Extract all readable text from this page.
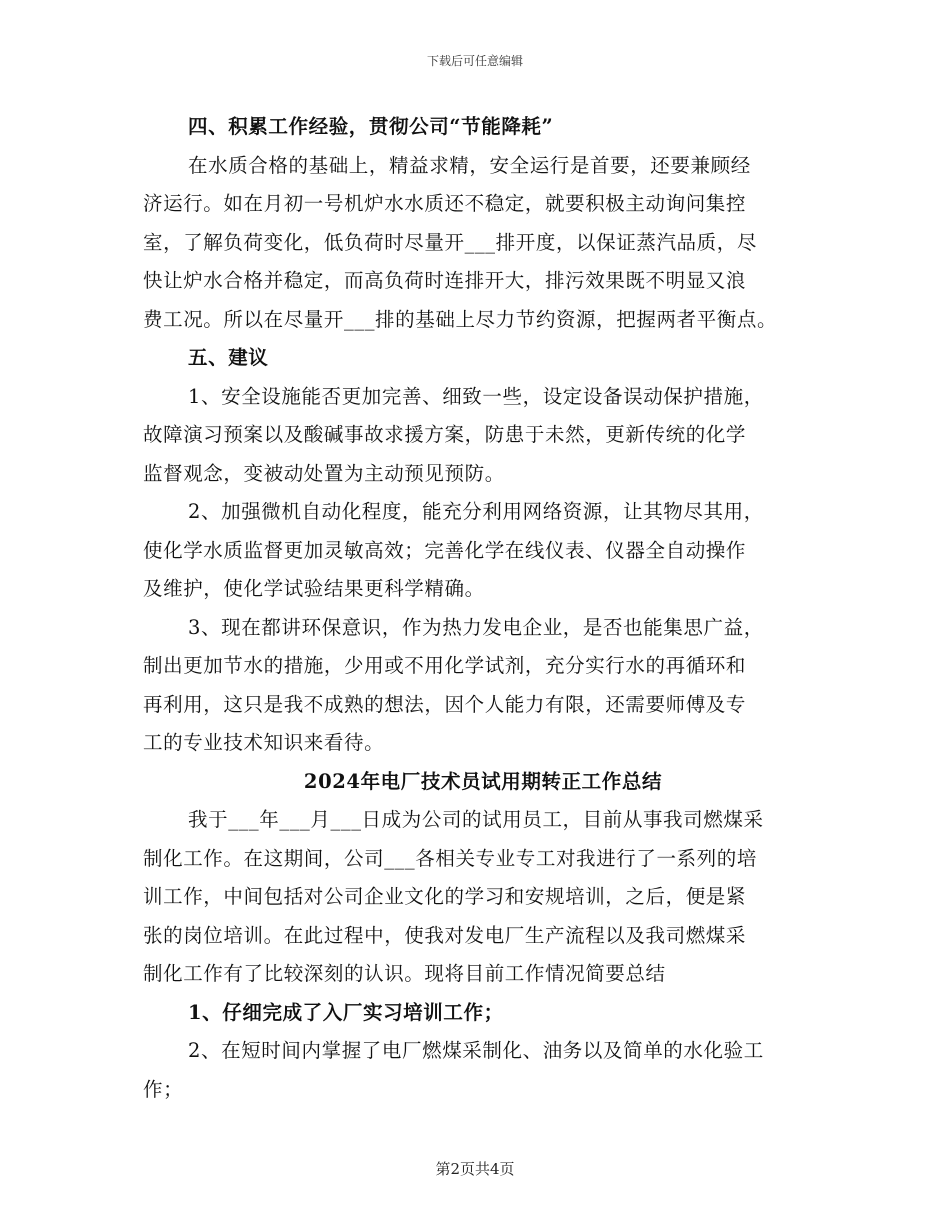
下载后可任意编辑
四、积累工作经验，贯彻公司“节能降耗”
在水质合格的基础上，精益求精，安全运行是首要，还要兼顾经
济运行。如在月初一号机炉水水质还不稳定，就要积极主动询问集控
室，了解负荷变化，低负荷时尽量开___排开度，以保证蒸汽品质，尽
快让炉水合格并稳定，而高负荷时连排开大，排污效果既不明显又浪
费工况。所以在尽量开___排的基础上尽力节约资源，把握两者平衡点。
五、建议
1、安全设施能否更加完善、细致一些，设定设备误动保护措施，
故障演习预案以及酸碱事故求援方案，防患于未然，更新传统的化学
监督观念，变被动处置为主动预见预防。
2、加强微机自动化程度，能充分利用网络资源，让其物尽其用，
使化学水质监督更加灵敏高效；完善化学在线仪表、仪器全自动操作
及维护，使化学试验结果更科学精确。
3、现在都讲环保意识，作为热力发电企业，是否也能集思广益，
制出更加节水的措施，少用或不用化学试剂，充分实行水的再循环和
再利用，这只是我不成熟的想法，因个人能力有限，还需要师傅及专
工的专业技术知识来看待。
2024年电厂技术员试用期转正工作总结
我于___年___月___日成为公司的试用员工，目前从事我司燃煤采
制化工作。在这期间，公司___各相关专业专工对我进行了一系列的培
训工作，中间包括对公司企业文化的学习和安规培训，之后，便是紧
张的岗位培训。在此过程中，使我对发电厂生产流程以及我司燃煤采
制化工作有了比较深刻的认识。现将目前工作情况简要总结
1、仔细完成了入厂实习培训工作；
2、在短时间内掌握了电厂燃煤采制化、油务以及简单的水化验工
作；
第2页共4页
